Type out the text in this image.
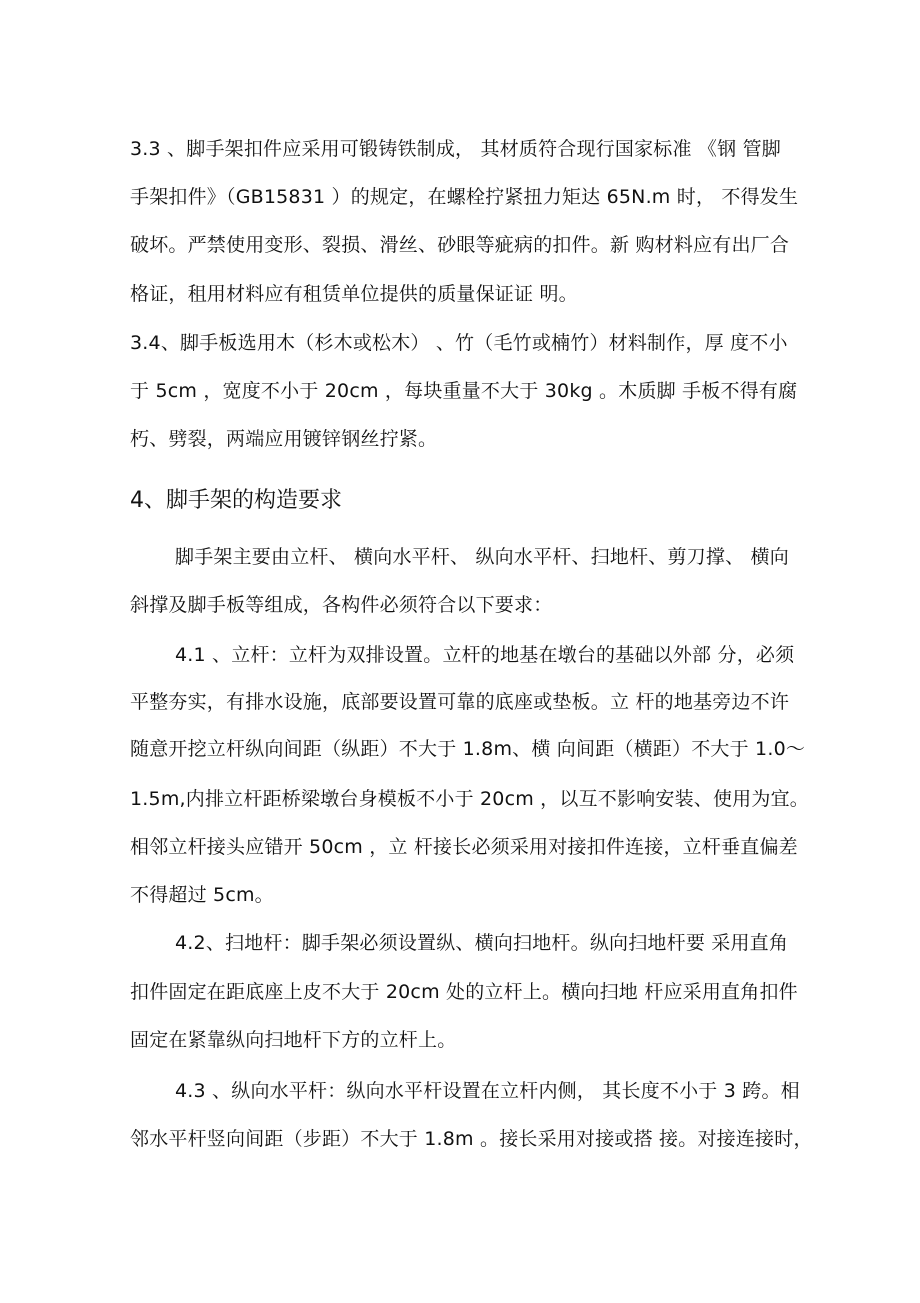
3.3 、脚手架扣件应采用可锻铸铁制成， 其材质符合现行国家标准 《钢 管脚
手架扣件》（GB15831 ）的规定，在螺栓拧紧扭力矩达 65N.m 时， 不得发生
破坏。严禁使用变形、裂损、滑丝、砂眼等疵病的扣件。新 购材料应有出厂合
格证，租用材料应有租赁单位提供的质量保证证 明。
3.4、脚手板选用木（杉木或松木） 、竹（毛竹或楠竹）材料制作，厚 度不小
于 5cm ，宽度不小于 20cm ，每块重量不大于 30kg 。木质脚 手板不得有腐
朽、劈裂，两端应用镀锌钢丝拧紧。
4、脚手架的构造要求
脚手架主要由立杆、 横向水平杆、 纵向水平杆、扫地杆、剪刀撑、 横向
斜撑及脚手板等组成，各构件必须符合以下要求：
4.1 、立杆：立杆为双排设置。立杆的地基在墩台的基础以外部 分，必须
平整夯实，有排水设施，底部要设置可靠的底座或垫板。立 杆的地基旁边不许
随意开挖立杆纵向间距（纵距）不大于 1.8m、横 向间距（横距）不大于 1.0～
1.5m,内排立杆距桥梁墩台身模板不小于 20cm ，以互不影响安装、使用为宜。
相邻立杆接头应错开 50cm ，立 杆接长必须采用对接扣件连接，立杆垂直偏差
不得超过 5cm。
4.2、扫地杆：脚手架必须设置纵、横向扫地杆。纵向扫地杆要 采用直角
扣件固定在距底座上皮不大于 20cm 处的立杆上。横向扫地 杆应采用直角扣件
固定在紧靠纵向扫地杆下方的立杆上。
4.3 、纵向水平杆：纵向水平杆设置在立杆内侧， 其长度不小于 3 跨。相
邻水平杆竖向间距（步距）不大于 1.8m 。接长采用对接或搭 接。对接连接时，
